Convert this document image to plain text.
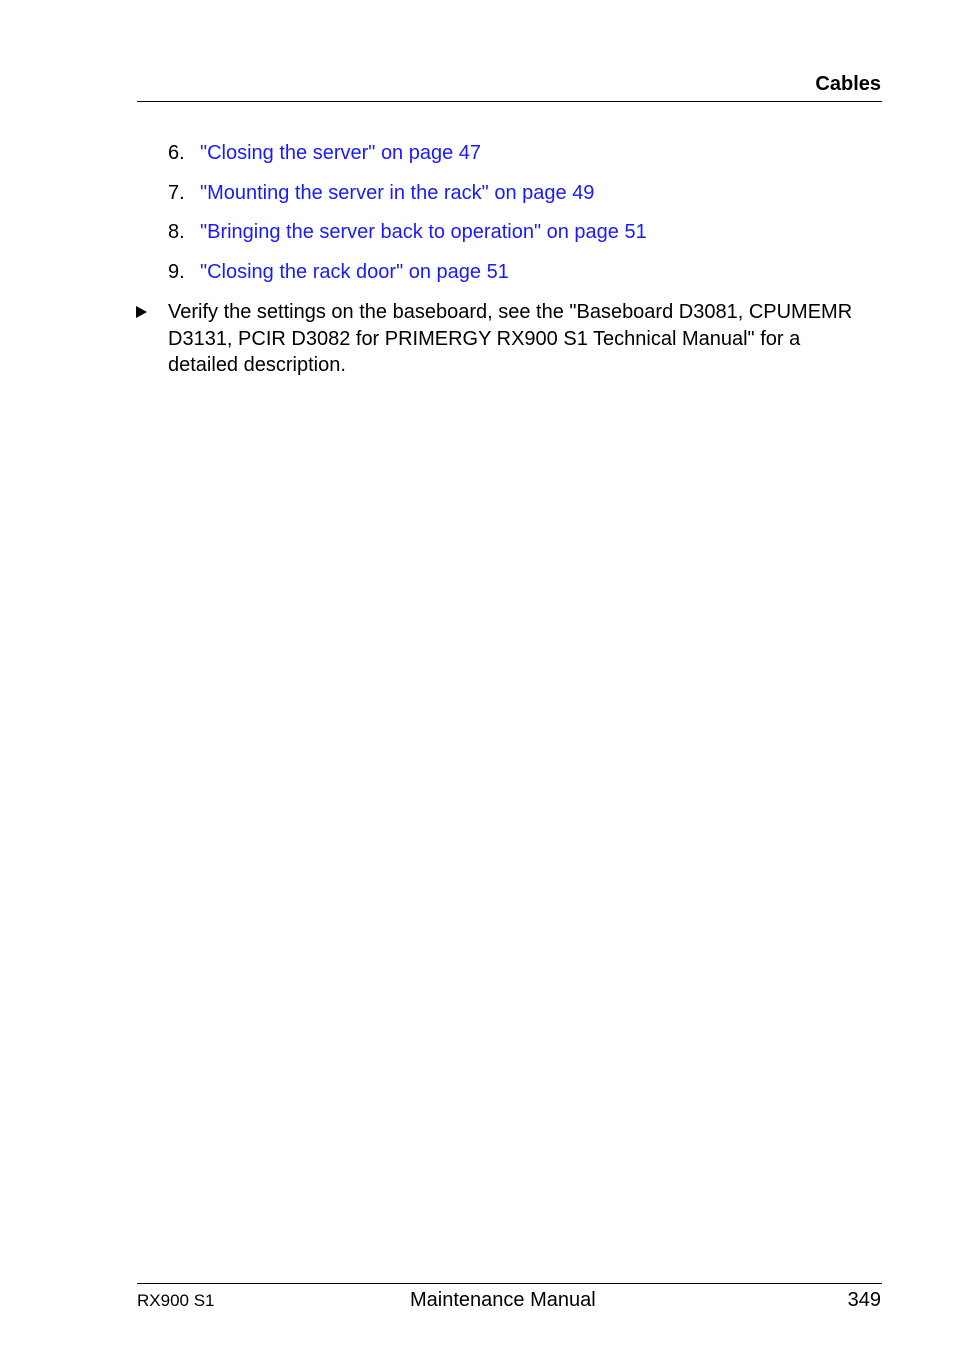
Cables
6. "Closing the server" on page 47
7. "Mounting the server in the rack" on page 49
8. "Bringing the server back to operation" on page 51
9. "Closing the rack door" on page 51
Verify the settings on the baseboard, see the "Baseboard D3081, CPUMEMR D3131, PCIR D3082 for PRIMERGY RX900 S1 Technical Manual" for a detailed description.
RX900 S1	Maintenance Manual	349
